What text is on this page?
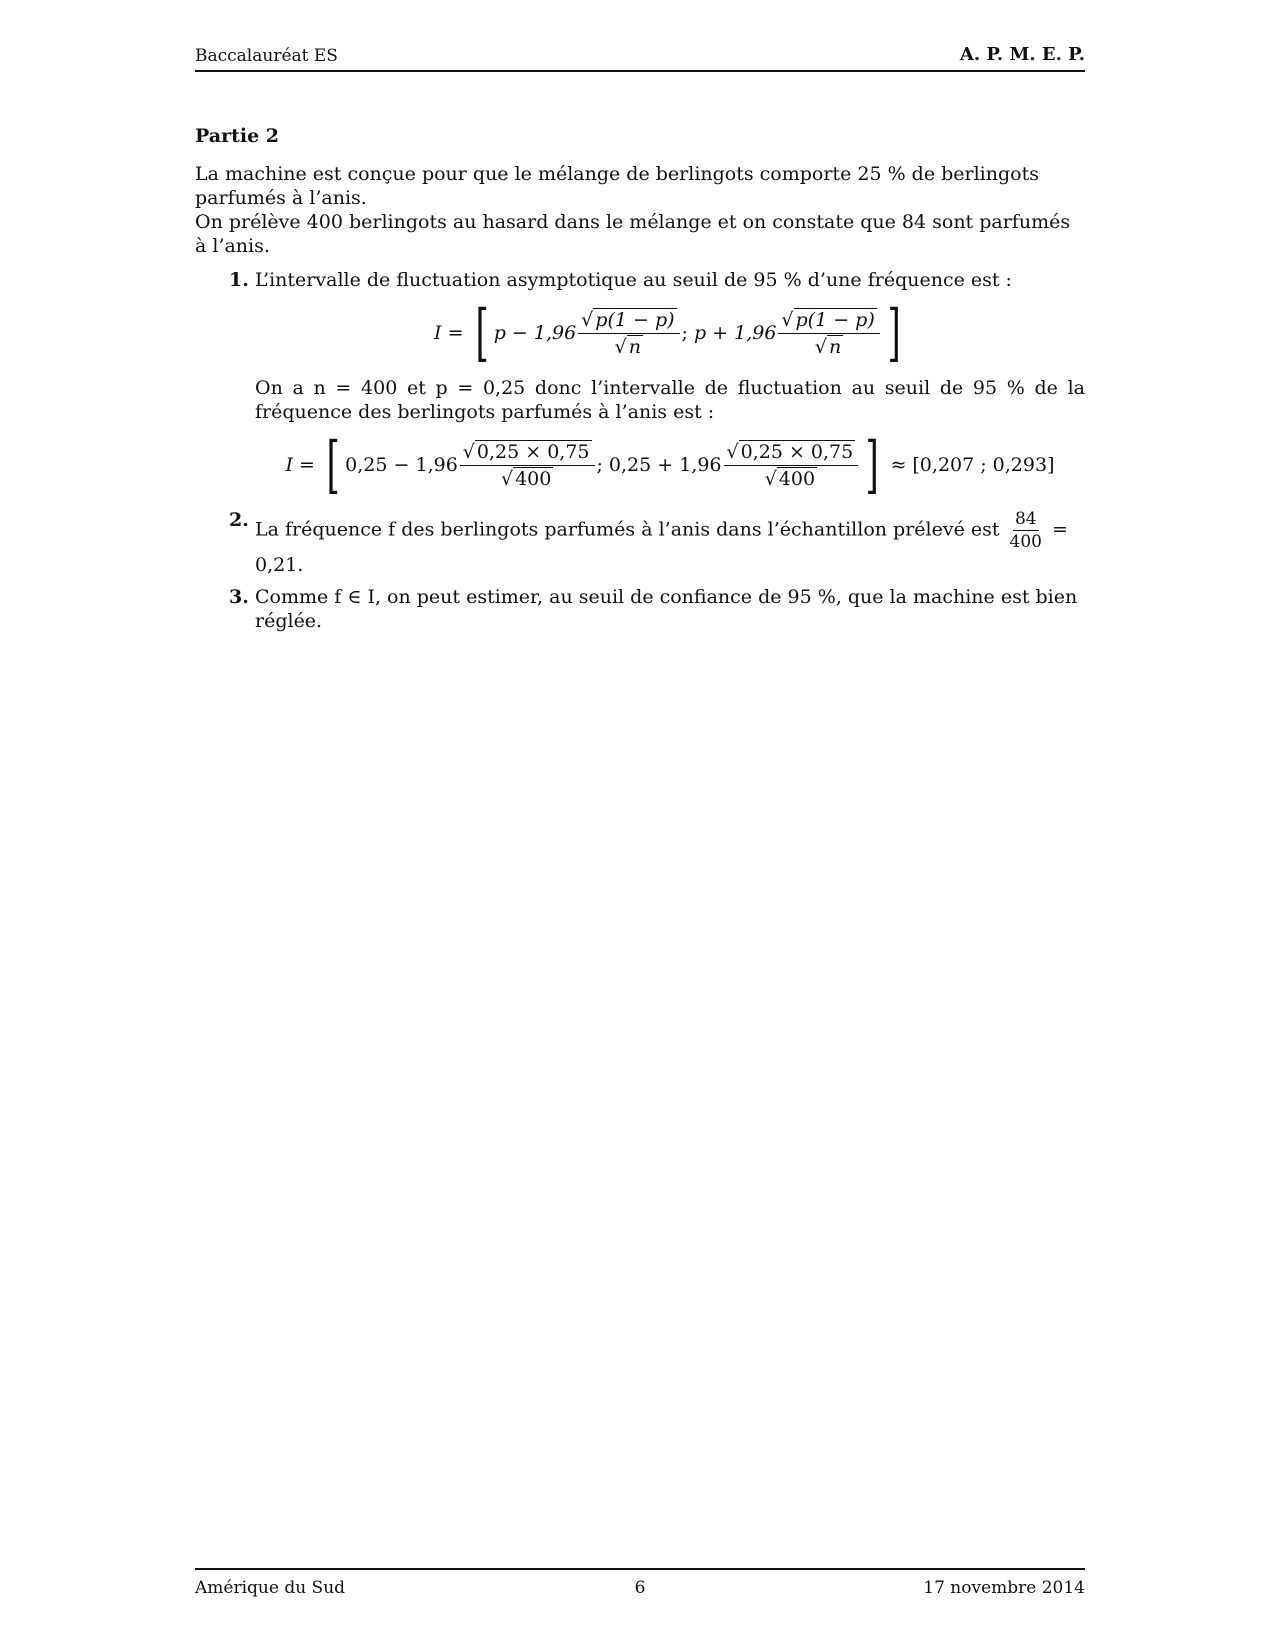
Baccalauréat ES	A. P. M. E. P.
Partie 2

La machine est conçue pour que le mélange de berlingots comporte 25 % de berlingots parfumés à l’anis.

On prélève 400 berlingots au hasard dans le mélange et on constate que 84 sont parfumés à l’anis.

1. L’intervalle de fluctuation asymptotique au seuil de 95 % d’une fréquence est :
I = [ $p - 1,96 \frac{√ p(1 - p)}{√ n}$ ; $p + 1,96 \frac{√ p(1 - p)}{√ n}$ ]
On a n = 400 et p = 0,25 donc l’intervalle de fluctuation au seuil de 95 % de la fréquence des berlingots parfumés à l’anis est :
I = [ $0,25 - 1,96 \frac{√ 0,25 \times 0,75}{√ 400}$ ; $0,25 + 1,96 \frac{√ 0,25 \times 0,75}{√ 400}$ ] ≈ [0,207 ; 0,293]
2. La fréquence f des berlingots parfumés à l’anis dans l’échantillon prélevé est $\frac{84}{400} = 0,21$.
3. Comme f ∈ I, on peut estimer, au seuil de confiance de 95 %, que la machine est bien réglée.
Amérique du Sud	6	17 novembre 2014
